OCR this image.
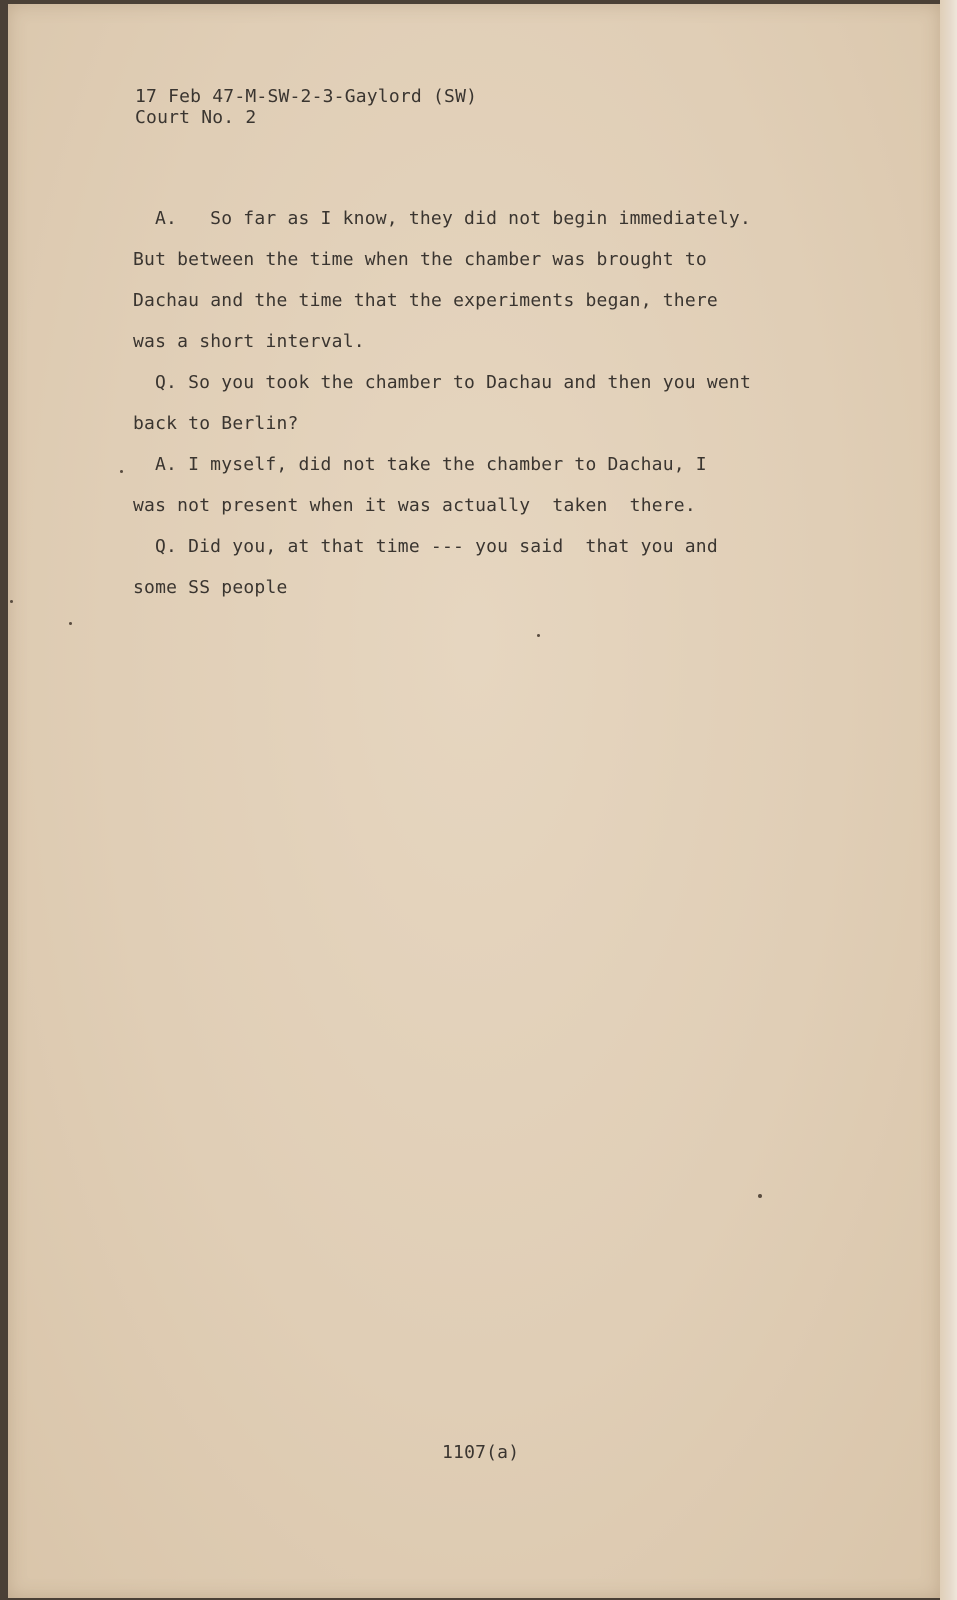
17 Feb 47-M-SW-2-3-Gaylord (SW)
Court No. 2
A.   So far as I know, they did not begin immediately.
But between the time when the chamber was brought to
Dachau and the time that the experiments began, there
was a short interval.
Q. So you took the chamber to Dachau and then you went
back to Berlin?
A. I myself, did not take the chamber to Dachau, I
was not present when it was actually  taken  there.
Q. Did you, at that time --- you said  that you and
some SS people
1107(a)
